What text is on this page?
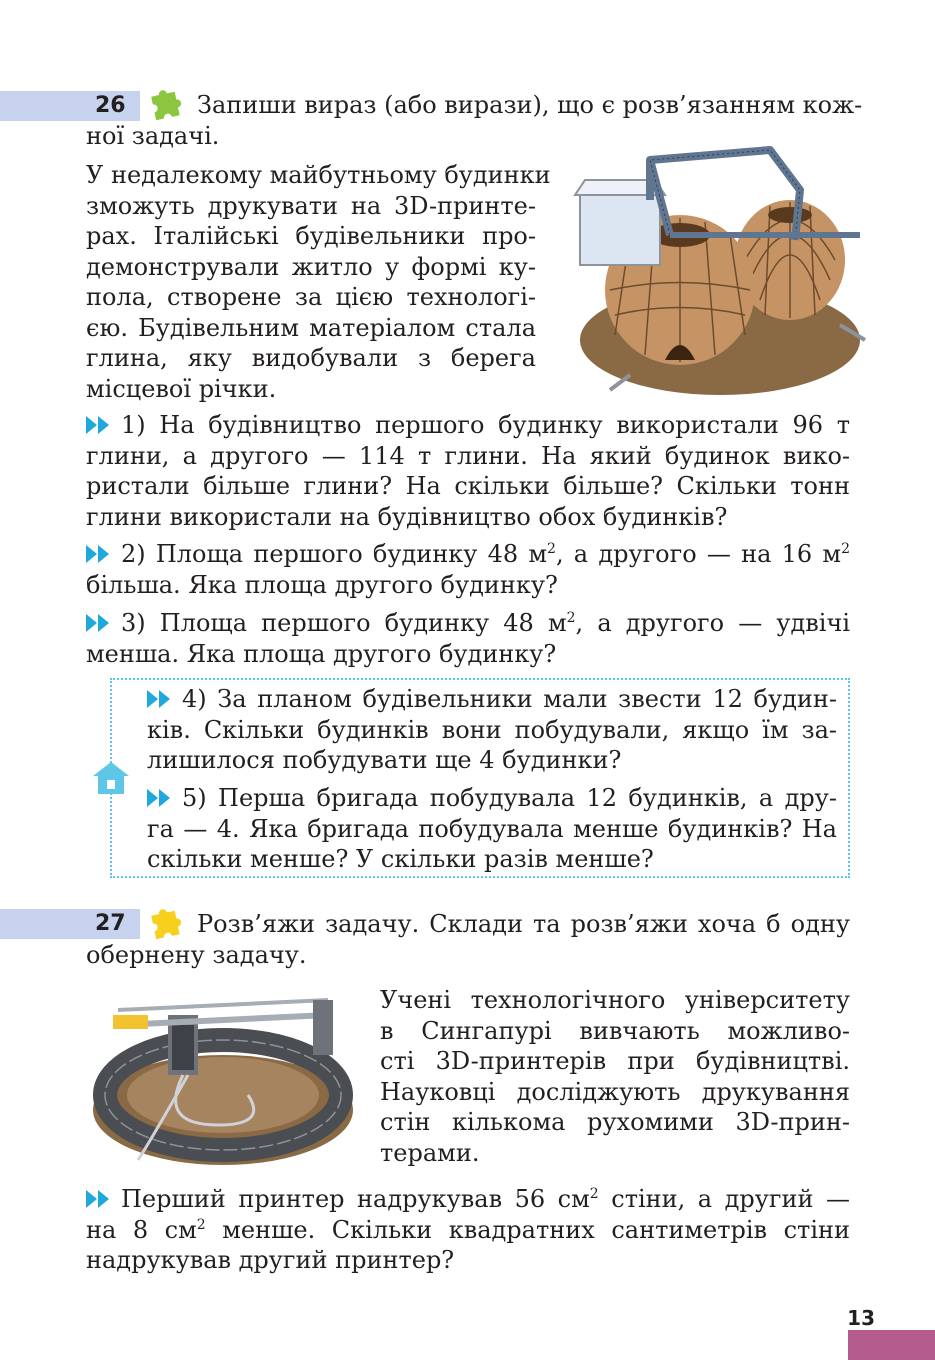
26	Запиши вираз (або вирази), що є розв’язанням кож-
ної задачі.
У недалекому майбутньому будинки
зможуть друкувати на 3D-принте-
рах. Італійські будівельники про-
демонстрували житло у формі ку-
пола, створене за цією технологі-
єю. Будівельним матеріалом стала
глина, яку видобували з берега
місцевої річки.
1) На будівництво першого будинку використали 96 т
глини, а другого — 114 т глини. На який будинок вико-
ристали більше глини? На скільки більше? Скільки тонн
глини використали на будівництво обох будинків?
2) Площа першого будинку 48 $м^2$, а другого — на 16 $м^2$
більша. Яка площа другого будинку?
3) Площа першого будинку 48 $м^2$, а другого — удвічі
менша. Яка площа другого будинку?
4) За планом будівельники мали звести 12 будин-
ків. Скільки будинків вони побудували, якщо їм за-
лишилося побудувати ще 4 будинки?
5) Перша бригада побудувала 12 будинків, а дру-
га — 4. Яка бригада побудувала менше будинків? На
скільки менше? У скільки разів менше?
27	Розв’яжи задачу. Склади та розв’яжи хоча б одну
обернену задачу.
Учені технологічного університету
в Сингапурі вивчають можливо-
сті 3D-принтерів при будівництві.
Науковці досліджують друкування
стін кількома рухомими 3D-прин-
терами.
Перший принтер надрукував 56 $см^2$ стіни, а другий —
на 8 $см^2$ менше. Скільки квадратних сантиметрів стіни
надрукував другий принтер?
13
